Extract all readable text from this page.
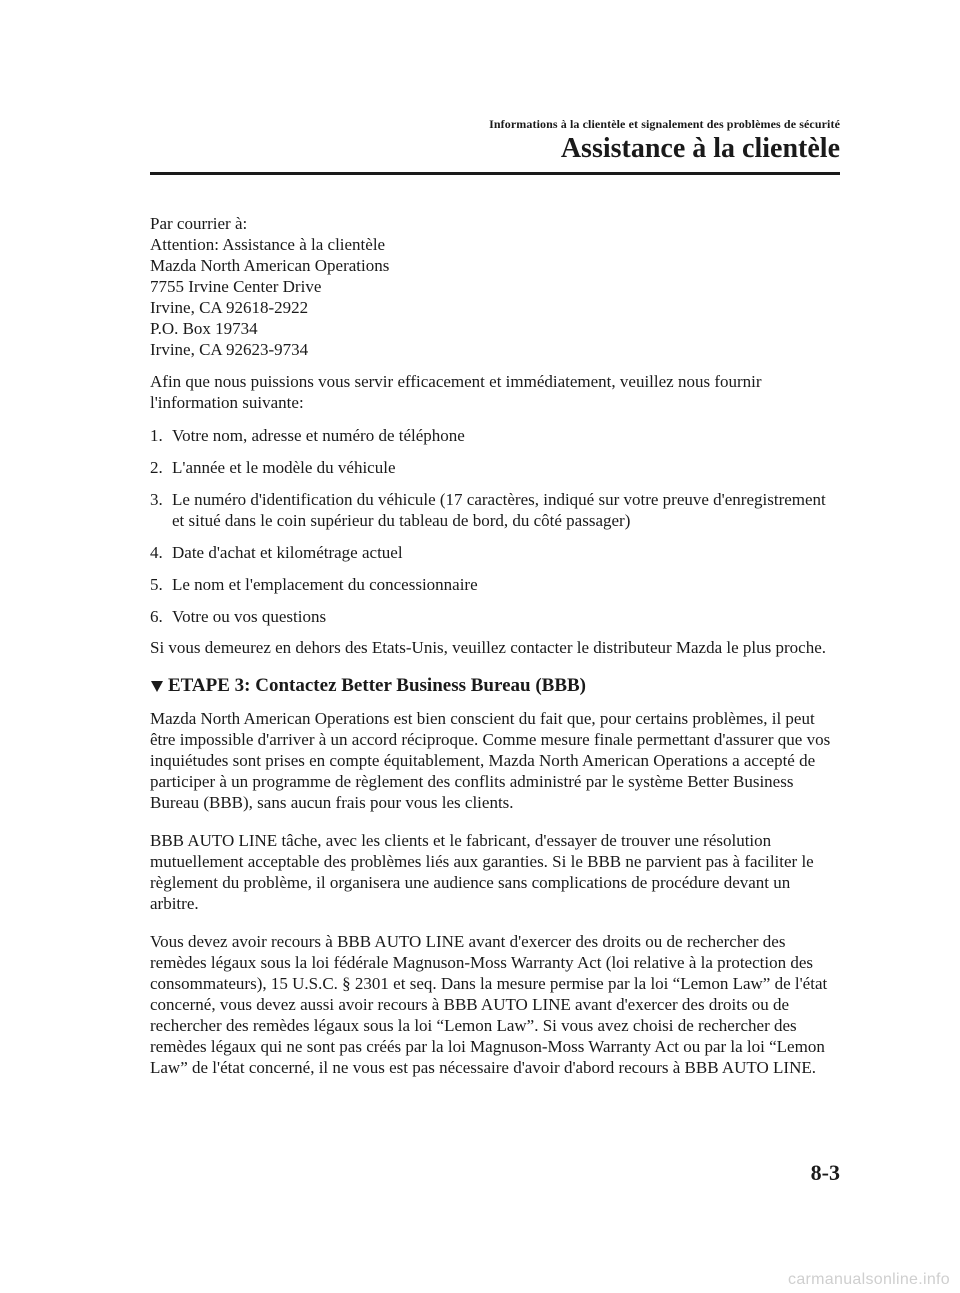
Informations à la clientèle et signalement des problèmes de sécurité
Assistance à la clientèle
Par courrier à:
Attention: Assistance à la clientèle
Mazda North American Operations
7755 Irvine Center Drive
Irvine, CA 92618-2922
P.O. Box 19734
Irvine, CA 92623-9734

Afin que nous puissions vous servir efficacement et immédiatement, veuillez nous fournir l'information suivante:

1. Votre nom, adresse et numéro de téléphone
2. L'année et le modèle du véhicule
3. Le numéro d'identification du véhicule (17 caractères, indiqué sur votre preuve d'enregistrement et situé dans le coin supérieur du tableau de bord, du côté passager)
4. Date d'achat et kilométrage actuel
5. Le nom et l'emplacement du concessionnaire
6. Votre ou vos questions

Si vous demeurez en dehors des Etats-Unis, veuillez contacter le distributeur Mazda le plus proche.

ETAPE 3: Contactez Better Business Bureau (BBB)

Mazda North American Operations est bien conscient du fait que, pour certains problèmes, il peut être impossible d'arriver à un accord réciproque. Comme mesure finale permettant d'assurer que vos inquiétudes sont prises en compte équitablement, Mazda North American Operations a accepté de participer à un programme de règlement des conflits administré par le système Better Business Bureau (BBB), sans aucun frais pour vous les clients.

BBB AUTO LINE tâche, avec les clients et le fabricant, d'essayer de trouver une résolution mutuellement acceptable des problèmes liés aux garanties. Si le BBB ne parvient pas à faciliter le règlement du problème, il organisera une audience sans complications de procédure devant un arbitre.

Vous devez avoir recours à BBB AUTO LINE avant d'exercer des droits ou de rechercher des remèdes légaux sous la loi fédérale Magnuson-Moss Warranty Act (loi relative à la protection des consommateurs), 15 U.S.C. § 2301 et seq. Dans la mesure permise par la loi “Lemon Law” de l'état concerné, vous devez aussi avoir recours à BBB AUTO LINE avant d'exercer des droits ou de rechercher des remèdes légaux sous la loi “Lemon Law”. Si vous avez choisi de rechercher des remèdes légaux qui ne sont pas créés par la loi Magnuson-Moss Warranty Act ou par la loi “Lemon Law” de l'état concerné, il ne vous est pas nécessaire d'avoir d'abord recours à BBB AUTO LINE.

8-3
carmanualsonline.info
